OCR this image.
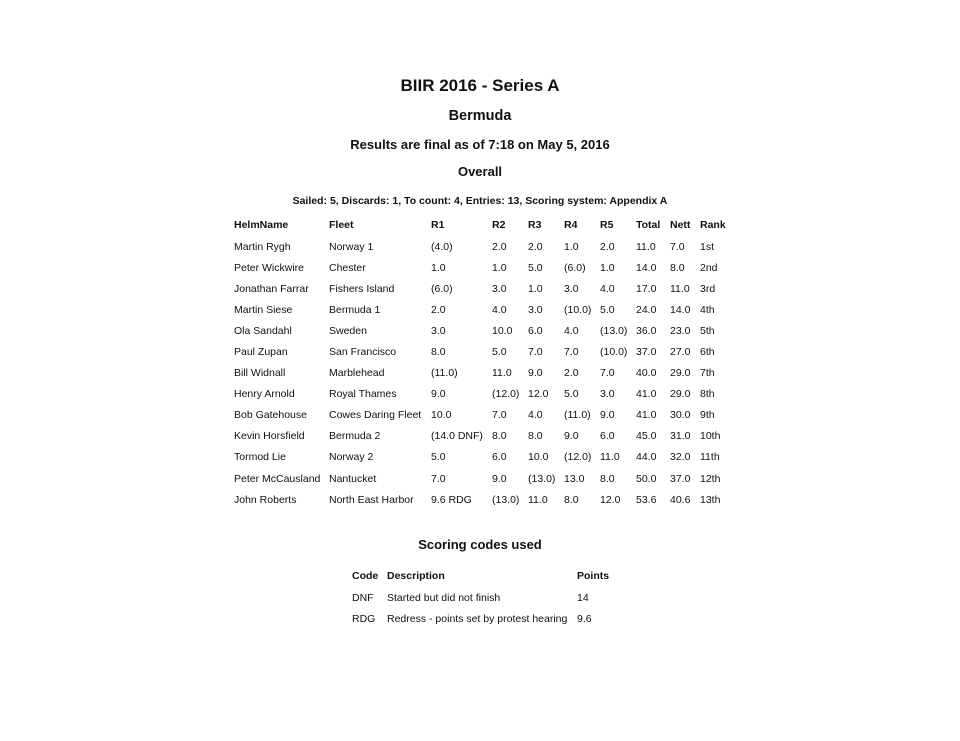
BIIR 2016 - Series A
Bermuda
Results are final as of 7:18 on May 5, 2016
Overall
Sailed: 5, Discards: 1, To count: 4, Entries: 13, Scoring system: Appendix A
HelmName	Fleet	R1	R2	R3	R4	R5	Total	Nett	Rank
Martin Rygh	Norway 1	(4.0)	2.0	2.0	1.0	2.0	11.0	7.0	1st
Peter Wickwire	Chester	1.0	1.0	5.0	(6.0)	1.0	14.0	8.0	2nd
Jonathan Farrar	Fishers Island	(6.0)	3.0	1.0	3.0	4.0	17.0	11.0	3rd
Martin Siese	Bermuda 1	2.0	4.0	3.0	(10.0)	5.0	24.0	14.0	4th
Ola Sandahl	Sweden	3.0	10.0	6.0	4.0	(13.0)	36.0	23.0	5th
Paul Zupan	San Francisco	8.0	5.0	7.0	7.0	(10.0)	37.0	27.0	6th
Bill Widnall	Marblehead	(11.0)	11.0	9.0	2.0	7.0	40.0	29.0	7th
Henry Arnold	Royal Thames	9.0	(12.0)	12.0	5.0	3.0	41.0	29.0	8th
Bob Gatehouse	Cowes Daring Fleet	10.0	7.0	4.0	(11.0)	9.0	41.0	30.0	9th
Kevin Horsfield	Bermuda 2	(14.0 DNF)	8.0	8.0	9.0	6.0	45.0	31.0	10th
Tormod Lie	Norway 2	5.0	6.0	10.0	(12.0)	11.0	44.0	32.0	11th
Peter McCausland	Nantucket	7.0	9.0	(13.0)	13.0	8.0	50.0	37.0	12th
John Roberts	North East Harbor	9.6 RDG	(13.0)	11.0	8.0	12.0	53.6	40.6	13th
Scoring codes used
Code	Description	Points
DNF	Started but did not finish	14
RDG	Redress - points set by protest hearing	9.6
